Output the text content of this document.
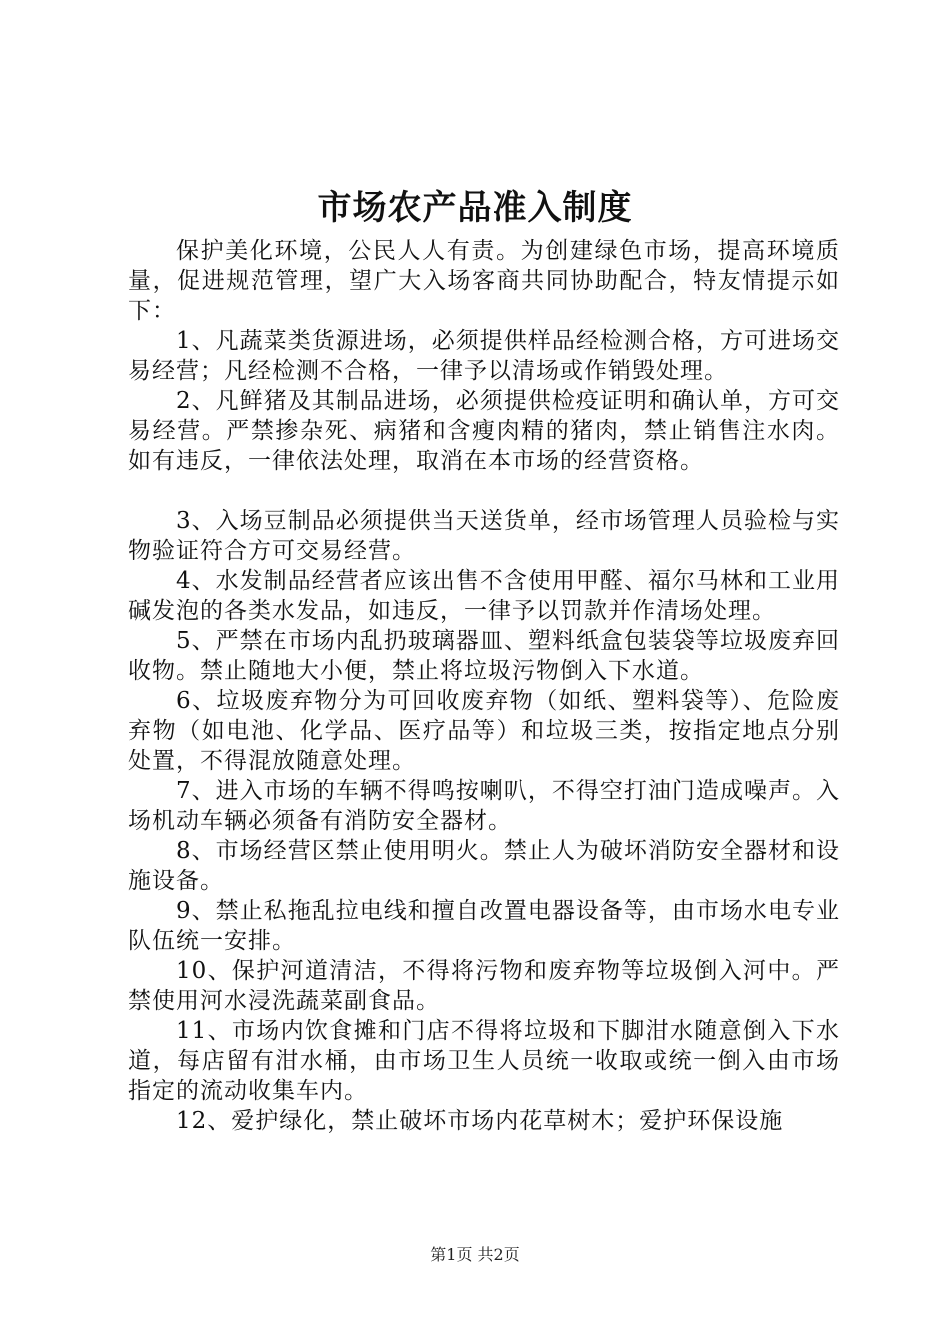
市场农产品准入制度

保护美化环境，公民人人有责。为创建绿色市场，提高环境质量，促进规范管理，望广大入场客商共同协助配合，特友情提示如下：

1、凡蔬菜类货源进场，必须提供样品经检测合格，方可进场交易经营；凡经检测不合格，一律予以清场或作销毁处理。

2、凡鲜猪及其制品进场，必须提供检疫证明和确认单，方可交易经营。严禁掺杂死、病猪和含瘦肉精的猪肉，禁止销售注水肉。如有违反，一律依法处理，取消在本市场的经营资格。

3、入场豆制品必须提供当天送货单，经市场管理人员验检与实物验证符合方可交易经营。

4、水发制品经营者应该出售不含使用甲醛、福尔马林和工业用碱发泡的各类水发品，如违反，一律予以罚款并作清场处理。

5、严禁在市场内乱扔玻璃器皿、塑料纸盒包装袋等垃圾废弃回收物。禁止随地大小便，禁止将垃圾污物倒入下水道。

6、垃圾废弃物分为可回收废弃物（如纸、塑料袋等）、危险废弃物（如电池、化学品、医疗品等）和垃圾三类，按指定地点分别处置，不得混放随意处理。

7、进入市场的车辆不得鸣按喇叭，不得空打油门造成噪声。入场机动车辆必须备有消防安全器材。

8、市场经营区禁止使用明火。禁止人为破坏消防安全器材和设施设备。

9、禁止私拖乱拉电线和擅自改置电器设备等，由市场水电专业队伍统一安排。

10、保护河道清洁，不得将污物和废弃物等垃圾倒入河中。严禁使用河水浸洗蔬菜副食品。

11、市场内饮食摊和门店不得将垃圾和下脚泔水随意倒入下水道，每店留有泔水桶，由市场卫生人员统一收取或统一倒入由市场指定的流动收集车内。

12、爱护绿化，禁止破坏市场内花草树木；爱护环保设施

第1页 共2页
